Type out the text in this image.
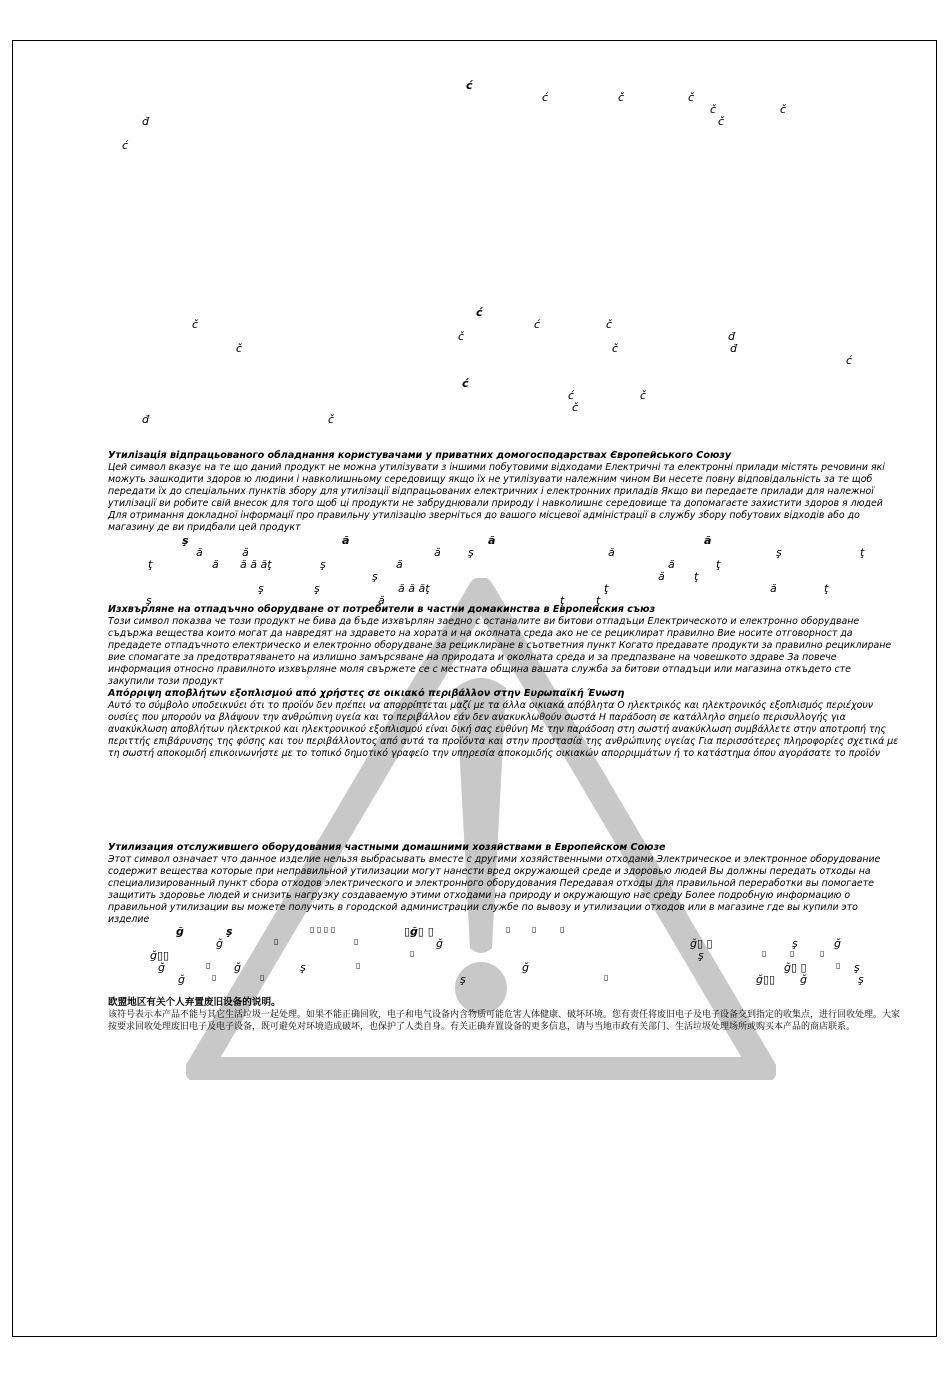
ć
ć	č	č
č	č
đ	č
ć
ć
č	ć	č
č	đ
č	č	đ
ć
ć
ć	č
č
đ	č
Утилізація відпрацьованого обладнання користувачами у приватних домогосподарствах Європейського Союзу

Цей символ вказує на те що даний продукт не можна утилізувати з іншими побутовими відходами Електричні та електронні прилади містять речовини які можуть зашкодити здоров ю людини і навколишньому середовищу якщо їх не утилізувати належним чином Ви несете повну відповідальність за те щоб передати їх до спеціальних пунктів збору для утилізації відпрацьованих електричних і електронних приладів Якщо ви передаєте прилади для належної утилізації ви робите свій внесок для того щоб ці продукти не забруднювали природу і навколишнє середовище та допомагаєте захистити здоров я людей Для отримання докладної інформації про правильну утилізацію зверніться до вашого місцевої адміністрації в службу збору побутових відходів або до магазину де ви придбали цей продукт

ş	ă	ă	ă
ă	ă	ă ş	ă	ş	ţ
ţ	ă ă ă ăţ	ş	ă	ă	ţ
ş	ă	ţ
ş	ş	ă ă ăţ	ţ	ă	ţ
ş	ă	ţ	ţ
Изхвърляне на отпадъчно оборудване от потребители в частни домакинства в Европейския съюз

Този символ показва че този продукт не бива да бъде изхвърлян заедно с останалите ви битови отпадъци Електрическото и електронно оборудване съдържа вещества които могат да навредят на здравето на хората и на околната среда ако не се рециклират правилно Вие носите отговорност да предадете отпадъчното електрическо и електронно оборудване за рециклиране в съответния пункт Когато предавате продукти за правилно рециклиране вие спомагате за предотвратяването на излишно замърсяване на природата и околната среда и за предпазване на човешкото здраве За повече информация относно правилното изхвърляне моля свържете се с местната община вашата служба за битови отпадъци или магазина откъдето сте закупили този продукт

Απόρριψη αποβλήτων εξοπλισμού από χρήστες σε οικιακό περιβάλλον στην Ευρωπαϊκή Ένωση

Αυτό το σύμβολο υποδεικνύει ότι το προϊόν δεν πρέπει να απορρίπτεται μαζί με τα άλλα οικιακά απόβλητα Ο ηλεκτρικός και ηλεκτρονικός εξοπλισμός περιέχουν ουσίες που μπορούν να βλάψουν την ανθρώπινη υγεία και το περιβάλλον εάν δεν ανακυκλωθούν σωστά Η παράδοση σε κατάλληλο σημείο περισυλλογής για ανακύκλωση αποβλήτων ηλεκτρικού και ηλεκτρονικού εξοπλισμού είναι δική σας ευθύνη Με την παράδοση στη σωστή ανακύκλωση συμβάλλετε στην αποτροπή της περιττής επιβάρυνσης της φύσης και του περιβάλλοντος από αυτά τα προϊόντα και στην προστασία της ανθρώπινης υγείας Για περισσότερες πληροφορίες σχετικά με τη σωστή αποκομιδή επικοινωνήστε με το τοπικό δημοτικό γραφείο την υπηρεσία αποκομιδής οικιακών απορριμμάτων ή το κατάστημα όπου αγοράσατε το προϊόν

Утилизация отслужившего оборудования частными домашними хозяйствами в Европейском Союзе

Этот символ означает что данное изделие нельзя выбрасывать вместе с другими хозяйственными отходами Электрическое и электронное оборудование содержит вещества которые при неправильной утилизации могут нанести вред окружающей среде и здоровью людей Вы должны передать отходы на специализированный пункт сбора отходов электрического и электронного оборудования Передавая отходы для правильной переработки вы помогаете защитить здоровье людей и снизить нагрузку создаваемую этими отходами на природу и окружающую нас среду Более подробную информацию о правильной утилизации вы можете получить в городской администрации службе по вывозу и утилизации отходов или в магазине где вы купили это изделие

ğ	ş	▯ ▯ ▯ ▯	▯ğ▯ ▯	▯	▯	▯
ğ	▯	▯	ğ	ğ▯ ▯	ş	ğ
ğ▯▯	▯	ş	▯	▯	▯
ğ	▯ ğ	ş	▯	ğ	ğ▯ ▯	▯ ş
ğ	▯	▯	ş	▯	ğ▯▯ ğ	ş
欧盟地区有关个人弃置废旧设备的说明。

该符号表示本产品不能与其它生活垃圾一起处理。如果不能正确回收，电子和电气设备内含物质可能危害人体健康、破坏环境。您有责任将废旧电子及电子设备交到指定的收集点，进行回收处理。大家按要求回收处理废旧电子及电子设备，既可避免对环境造成破坏，也保护了人类自身。有关正确弃置设备的更多信息，请与当地市政有关部门、生活垃圾处理场所或购买本产品的商店联系。
